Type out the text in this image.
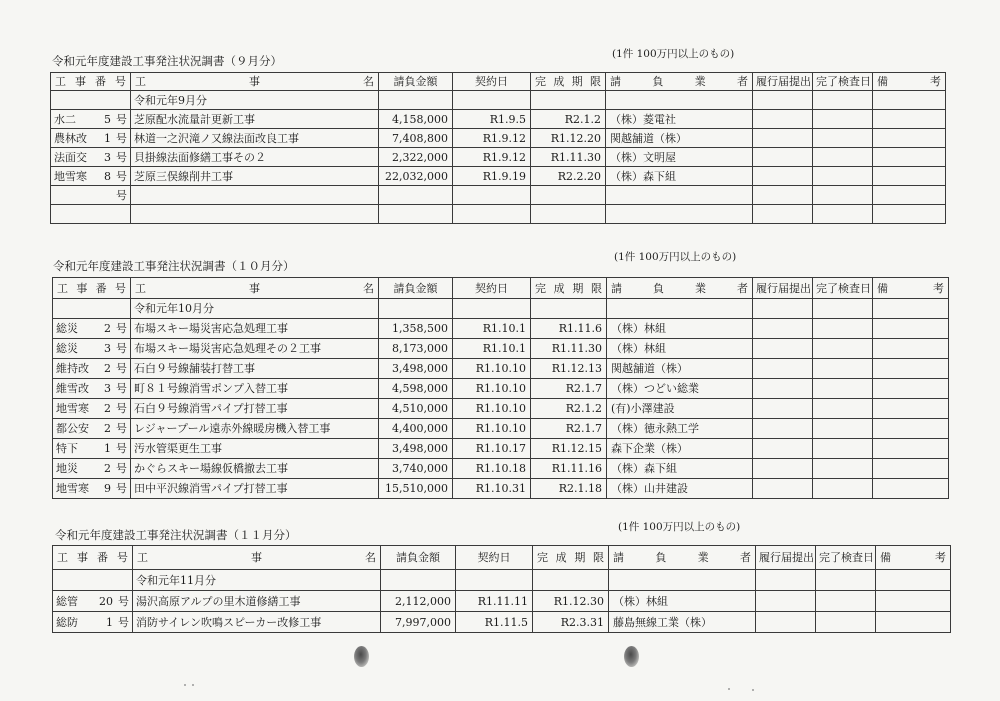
令和元年度建設工事発注状況調書（９月分）	(1件 100万円以上のもの)
工 事 番 号	工 事 名	請負金額	契約日	完 成 期 限	請 負 業 者	履行届提出	完了検査日	備 考

	令和元年9月分							

水二 5 号	芝原配水流量計更新工事	4,158,000	R1.9.5	R2.1.2	（株）菱電社			

農林改 1 号	林道一之沢滝ノ又線法面改良工事	7,408,800	R1.9.12	R1.12.20	関越舗道（株）			

法面交 3 号	貝掛線法面修繕工事その２	2,322,000	R1.9.12	R1.11.30	（株）文明屋			

地雪寒 8 号	芝原三俣線削井工事	22,032,000	R1.9.19	R2.2.20	（株）森下組			

号								

令和元年度建設工事発注状況調書（１０月分）
(1件 100万円以上のもの)
工 事 番 号	工 事 名	請負金額	契約日	完 成 期 限	請 負 業 者	履行届提出	完了検査日	備 考

	令和元年10月分							

総災 2 号	布場スキー場災害応急処理工事	1,358,500	R1.10.1	R1.11.6	（株）林組			

総災 3 号	布場スキー場災害応急処理その２工事	8,173,000	R1.10.1	R1.11.30	（株）林組			

維持改 2 号	石白９号線舗装打替工事	3,498,000	R1.10.10	R1.12.13	関越舗道（株）			

維雪改 3 号	町８１号線消雪ポンプ入替工事	4,598,000	R1.10.10	R2.1.7	（株）つどい総業			

地雪寒 2 号	石白９号線消雪パイプ打替工事	4,510,000	R1.10.10	R2.1.2	(有)小澤建設			

都公安 2 号	レジャープール遠赤外線暖房機入替工事	4,400,000	R1.10.10	R2.1.7	（株）徳永熱工学			

特下 1 号	汚水管渠更生工事	3,498,000	R1.10.17	R1.12.15	森下企業（株）			

地災 2 号	かぐらスキー場線仮橋撤去工事	3,740,000	R1.10.18	R1.11.16	（株）森下組			

地雪寒 9 号	田中平沢線消雪パイプ打替工事	15,510,000	R1.10.31	R2.1.18	（株）山井建設			
令和元年度建設工事発注状況調書（１１月分）
(1件 100万円以上のもの)
工 事 番 号	工 事 名	請負金額	契約日	完 成 期 限	請 負 業 者	履行届提出	完了検査日	備 考

	令和元年11月分							

総管 20 号	湯沢高原アルプの里木道修繕工事	2,112,000	R1.11.11	R1.12.30	（株）林組			

総防 1 号	消防サイレン吹鳴スピーカー改修工事	7,997,000	R1.11.5	R2.3.31	藤島無線工業（株）			
